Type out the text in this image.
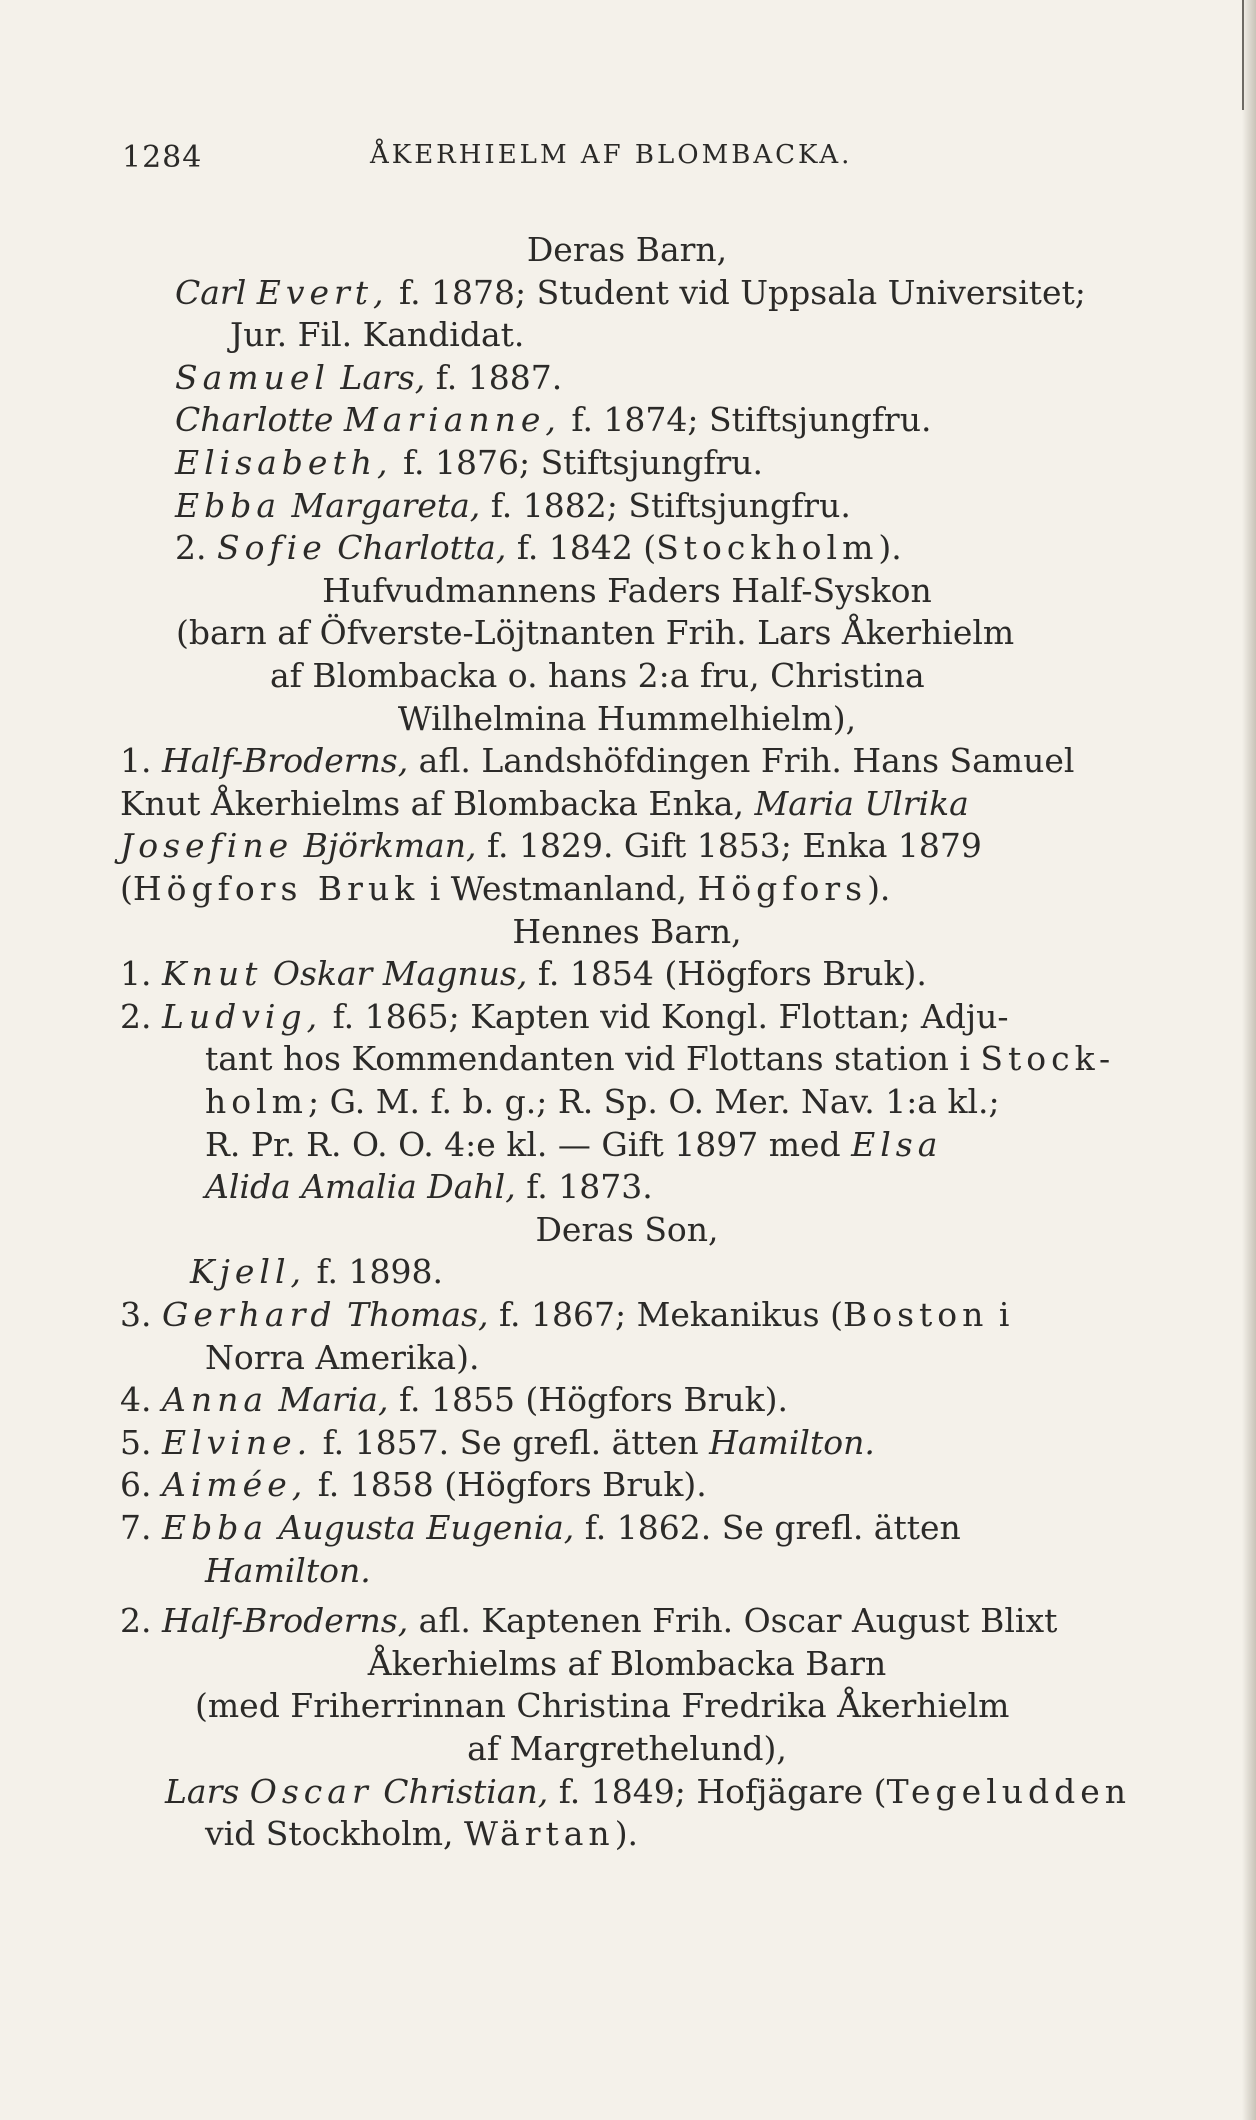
1284	ÅKERHIELM AF BLOMBACKA.
Deras Barn,
Carl Evert, f. 1878; Student vid Uppsala Universitet;
Jur. Fil. Kandidat.
Samuel Lars, f. 1887.
Charlotte Marianne, f. 1874; Stiftsjungfru.
Elisabeth, f. 1876; Stiftsjungfru.
Ebba Margareta, f. 1882; Stiftsjungfru.
2. Sofie Charlotta, f. 1842 (Stockholm).
Hufvudmannens Faders Half-Syskon
(barn af Öfverste-Löjtnanten Frih. Lars Åkerhielm
af Blombacka o. hans 2:a fru, Christina
Wilhelmina Hummelhielm),
1. Half-Broderns, afl. Landshöfdingen Frih. Hans Samuel
Knut Åkerhielms af Blombacka Enka, Maria Ulrika
Josefine Björkman, f. 1829. Gift 1853; Enka 1879
(Högfors Bruk i Westmanland, Högfors).
Hennes Barn,
1. Knut Oskar Magnus, f. 1854 (Högfors Bruk).
2. Ludvig, f. 1865; Kapten vid Kongl. Flottan; Adju-
tant hos Kommendanten vid Flottans station i Stock-
holm; G. M. f. b. g.; R. Sp. O. Mer. Nav. 1:a kl.;
R. Pr. R. O. O. 4:e kl. — Gift 1897 med Elsa
Alida Amalia Dahl, f. 1873.
Deras Son,
Kjell, f. 1898.
3. Gerhard Thomas, f. 1867; Mekanikus (Boston i
Norra Amerika).
4. Anna Maria, f. 1855 (Högfors Bruk).
5. Elvine. f. 1857. Se grefl. ätten Hamilton.
6. Aimée, f. 1858 (Högfors Bruk).
7. Ebba Augusta Eugenia, f. 1862. Se grefl. ätten
Hamilton.
2. Half-Broderns, afl. Kaptenen Frih. Oscar August Blixt
Åkerhielms af Blombacka Barn
(med Friherrinnan Christina Fredrika Åkerhielm
af Margrethelund),
Lars Oscar Christian, f. 1849; Hofjägare (Tegeludden
vid Stockholm, Wärtan).
